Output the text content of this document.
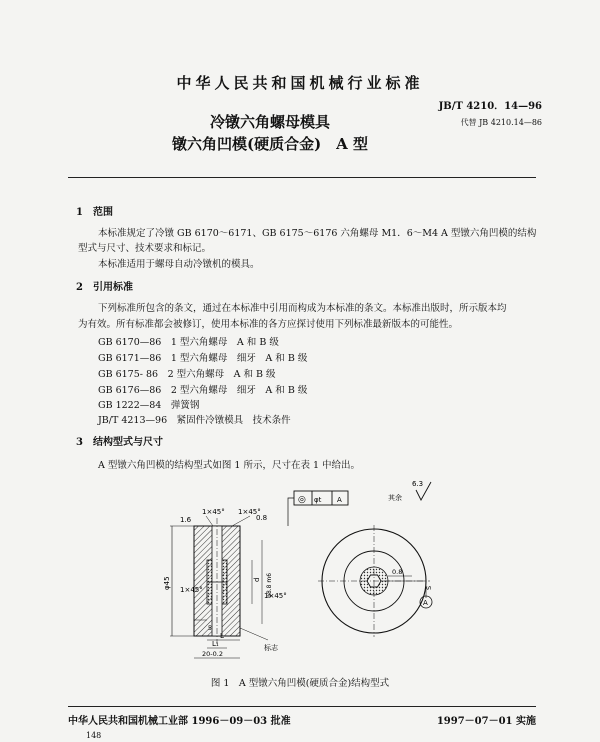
中华人民共和国机械行业标准
JB/T 4210．14—96
代替 JB 4210.14—86
冷镦六角螺母模具
镦六角凹模(硬质合金)　A 型
1　范围
本标准规定了冷镦 GB 6170～6171、GB 6175～6176 六角螺母 M1．6～M4 A 型镦六角凹模的结构
型式与尺寸、技术要求和标记。
本标准适用于螺母自动冷镦机的模具。
2　引用标准
下列标准所包含的条文，通过在本标准中引用而构成为本标准的条文。本标准出版时，所示版本均
为有效。所有标准都会被修订，使用本标准的各方应探讨使用下列标准最新版本的可能性。
GB 6170—86　1 型六角螺母　A 和 B 级
GB 6171—86　1 型六角螺母　细牙　A 和 B 级
GB 6175- 86　2 型六角螺母　A 和 B 级
GB 6176—86　2 型六角螺母　细牙　A 和 B 级
GB 1222—84　弹簧钢
JB/T 4213—96　紧固件冷镦模具　技术条件
3　结构型式与尺寸
A 型镦六角凹模的结构型式如图 1 所示，尺寸在表 1 中给出。
◎ φt A
6.3
其余
φ45
1×45° 1×45°
1×45°
1×45°
1.6	0.8
d φ8.8 m6
5
L
L₁
20-0.2
标志
0.8
S
A
图 1　A 型镦六角凹模(硬质合金)结构型式
中华人民共和国机械工业部 1996－09－03 批准	1997－07－01 实施
148
